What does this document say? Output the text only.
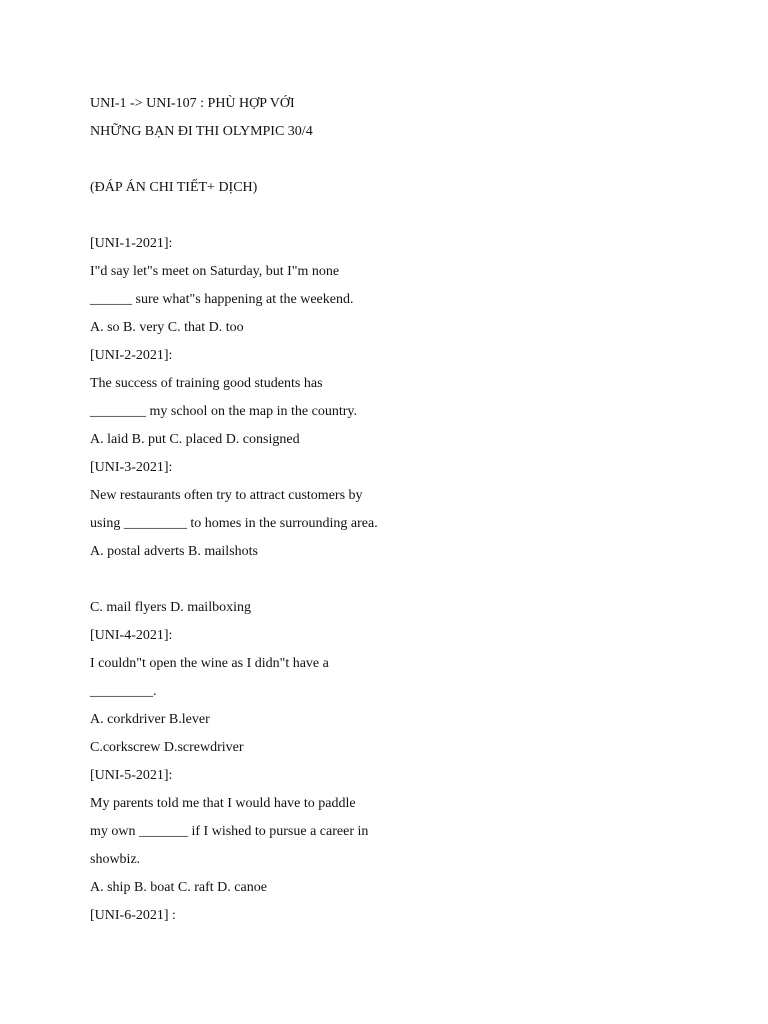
UNI-1 -> UNI-107 : PHÙ HỢP VỚI
NHỮNG BẠN ĐI THI OLYMPIC 30/4
(ĐÁP ÁN CHI TIẾT+ DỊCH)
[UNI-1-2021]:
I"d say let"s meet on Saturday, but I"m none
______ sure what"s happening at the weekend.
A. so B. very C. that D. too
[UNI-2-2021]:
The success of training good students has
________ my school on the map in the country.
A. laid B. put C. placed D. consigned
[UNI-3-2021]:
New restaurants often try to attract customers by
using _________ to homes in the surrounding area.
A. postal adverts B. mailshots
C. mail flyers D. mailboxing
[UNI-4-2021]:
I couldn"t open the wine as I didn"t have a
_________.
A. corkdriver B.lever
C.corkscrew D.screwdriver
[UNI-5-2021]:
My parents told me that I would have to paddle
my own _______ if I wished to pursue a career in
showbiz.
A. ship B. boat C. raft D. canoe
[UNI-6-2021] :
